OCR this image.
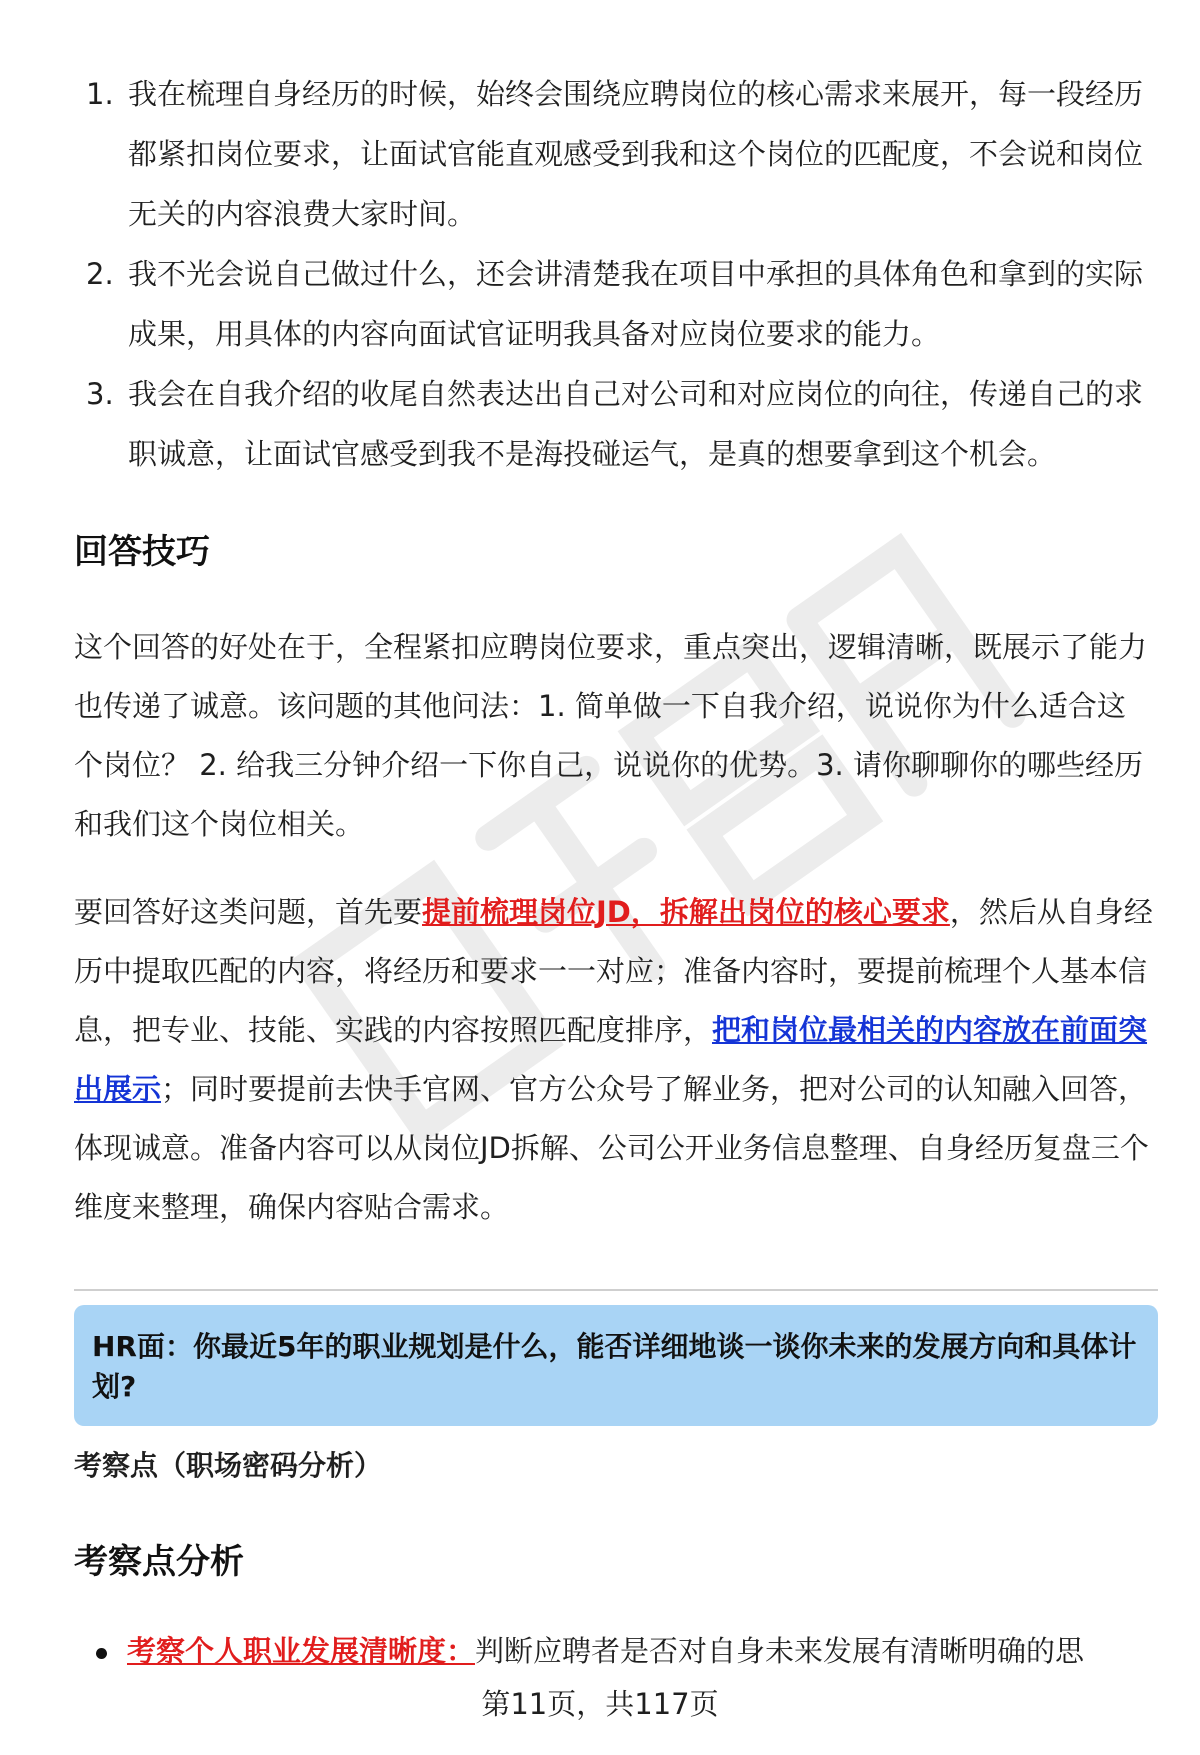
1. 我在梳理自身经历的时候，始终会围绕应聘岗位的核心需求来展开，每一段经历都紧扣岗位要求，让面试官能直观感受到我和这个岗位的匹配度，不会说和岗位无关的内容浪费大家时间。
2. 我不光会说自己做过什么，还会讲清楚我在项目中承担的具体角色和拿到的实际成果，用具体的内容向面试官证明我具备对应岗位要求的能力。
3. 我会在自我介绍的收尾自然表达出自己对公司和对应岗位的向往，传递自己的求职诚意，让面试官感受到我不是海投碰运气，是真的想要拿到这个机会。
回答技巧

这个回答的好处在于，全程紧扣应聘岗位要求，重点突出，逻辑清晰，既展示了能力也传递了诚意。该问题的其他问法：1. 简单做一下自我介绍，说说你为什么适合这个岗位？ 2. 给我三分钟介绍一下你自己，说说你的优势。3. 请你聊聊你的哪些经历和我们这个岗位相关。

要回答好这类问题，首先要提前梳理岗位JD，拆解出岗位的核心要求，然后从自身经历中提取匹配的内容，将经历和要求一一对应；准备内容时，要提前梳理个人基本信息，把专业、技能、实践的内容按照匹配度排序，把和岗位最相关的内容放在前面突出展示；同时要提前去快手官网、官方公众号了解业务，把对公司的认知融入回答，体现诚意。准备内容可以从岗位JD拆解、公司公开业务信息整理、自身经历复盘三个维度来整理，确保内容贴合需求。

HR面：你最近5年的职业规划是什么，能否详细地谈一谈你未来的发展方向和具体计划?
考察点（职场密码分析）
考察点分析
考察个人职业发展清晰度：判断应聘者是否对自身未来发展有清晰明确的思
第11页，共117页
